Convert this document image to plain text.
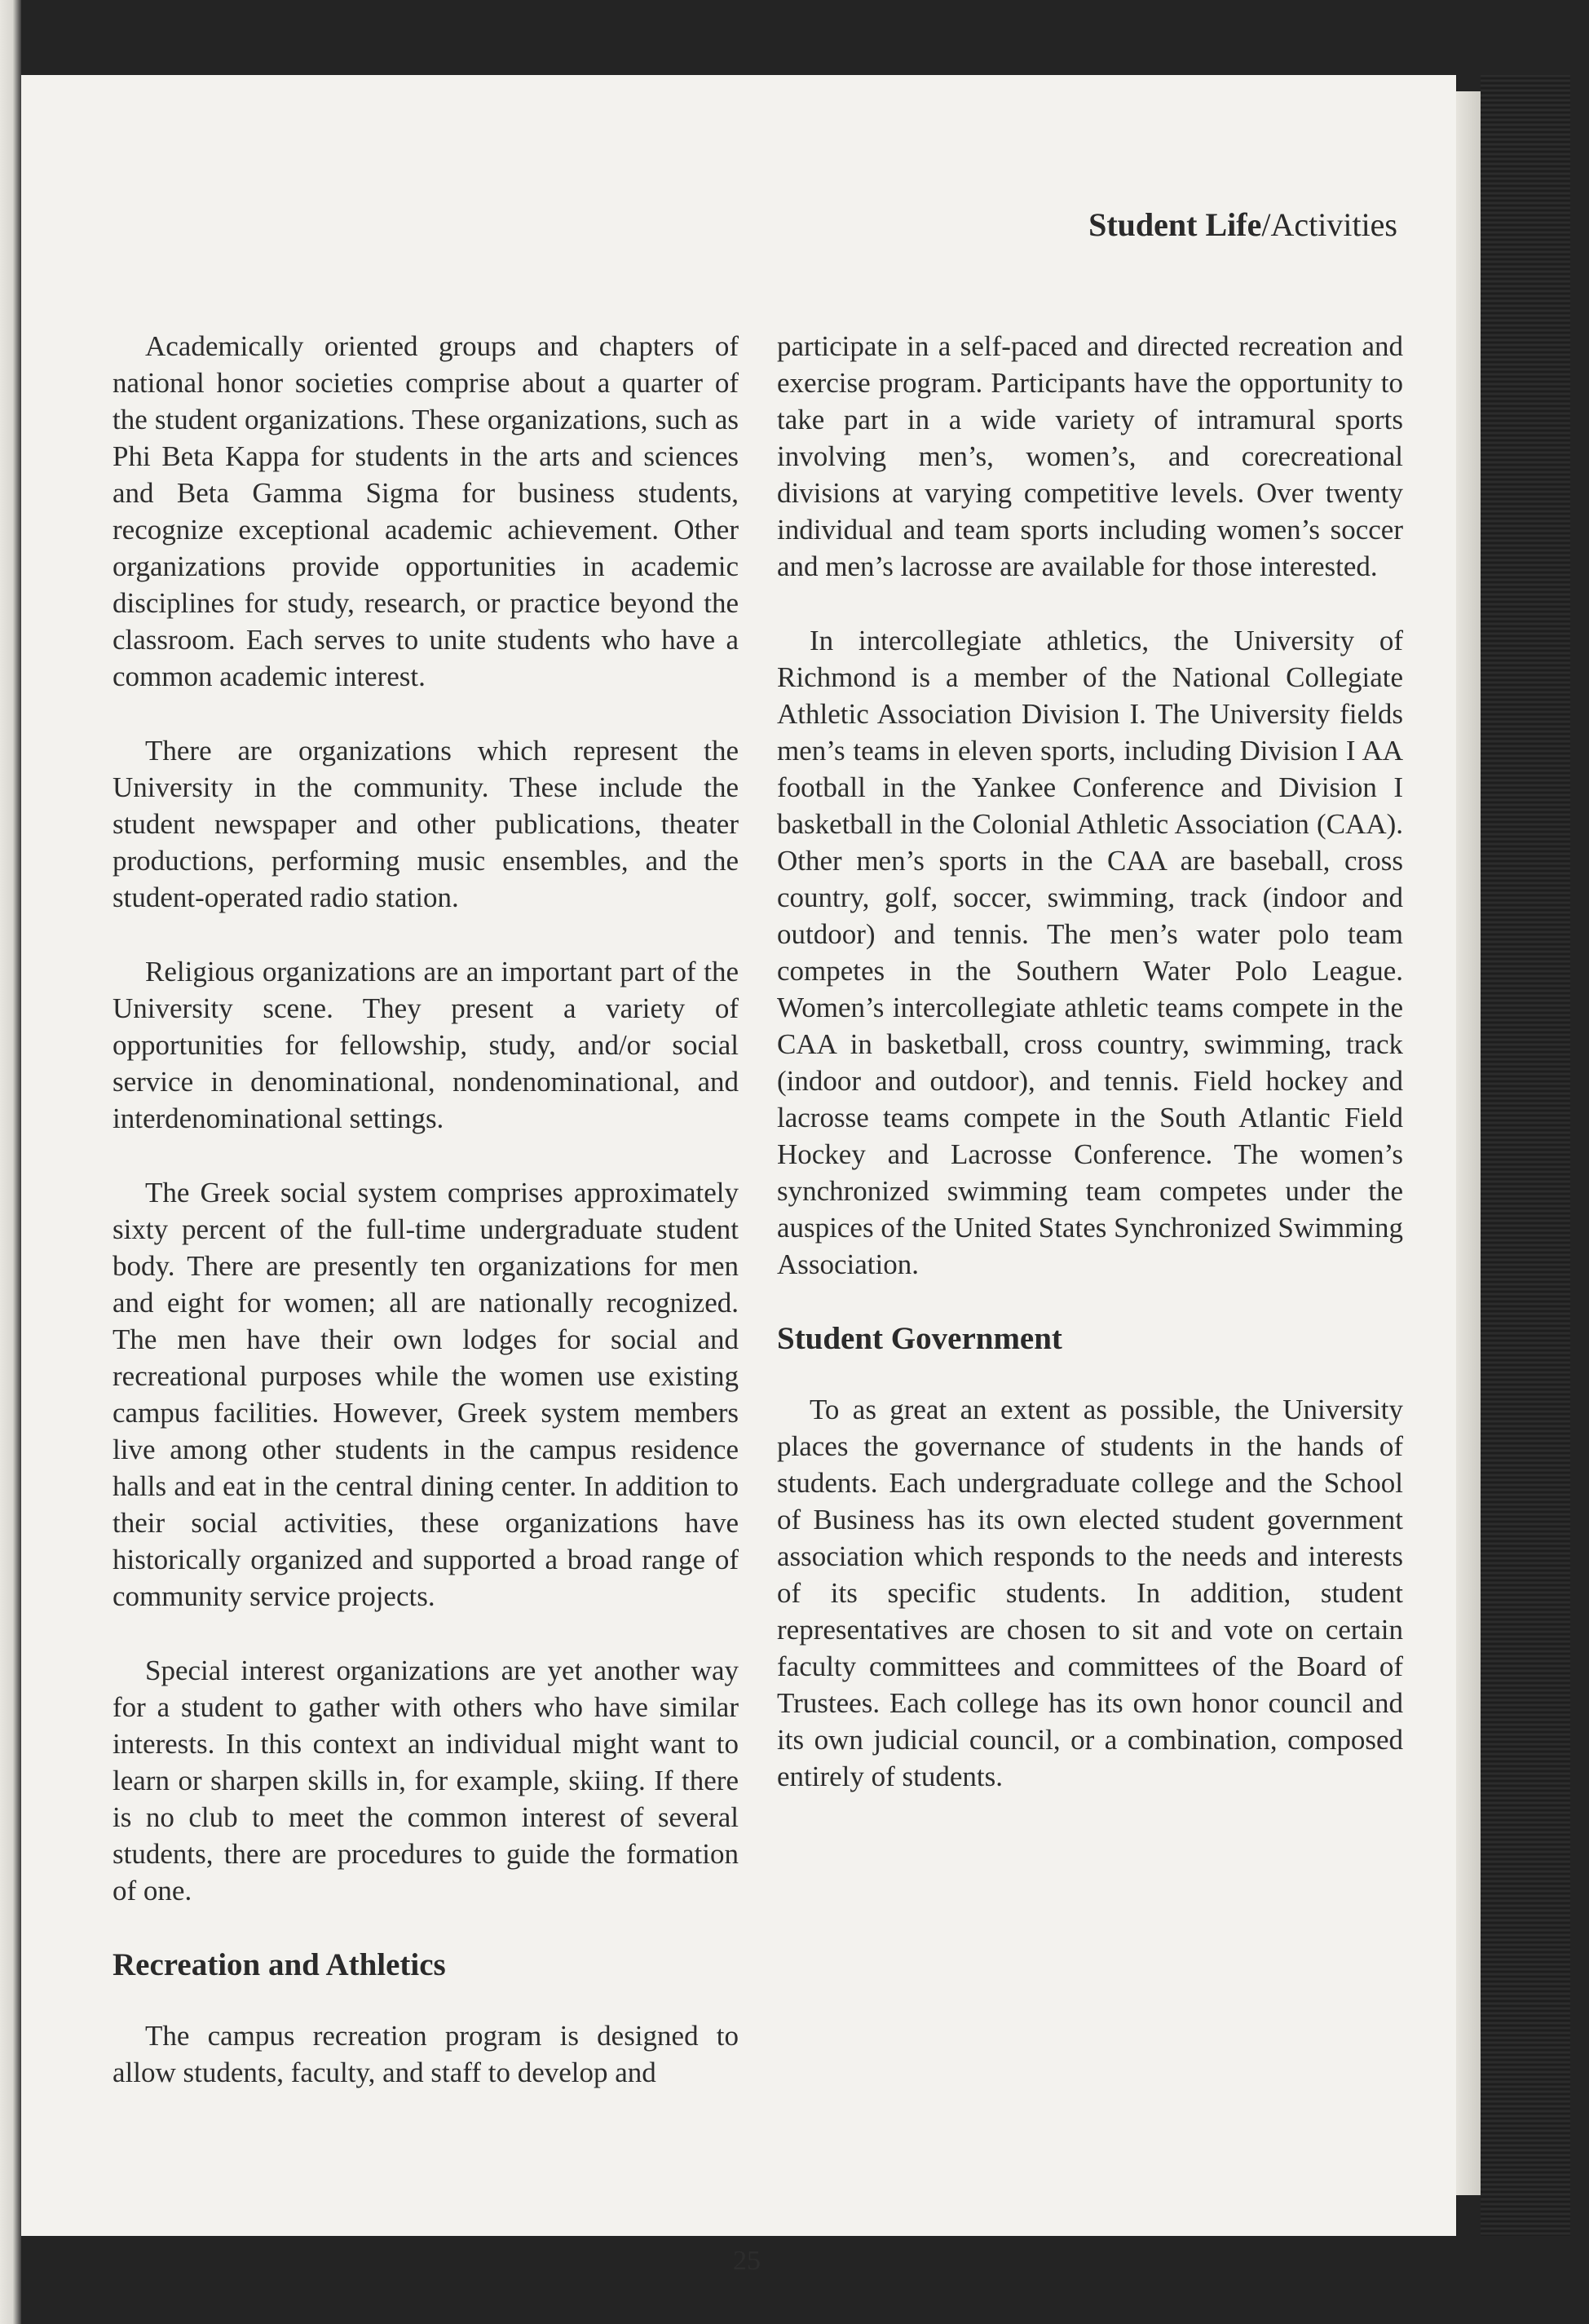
Student Life/Activities

Academically oriented groups and chapters of national honor societies comprise about a quarter of the student organizations. These organizations, such as Phi Beta Kappa for students in the arts and sciences and Beta Gamma Sigma for business students, recognize exceptional academic achievement. Other organizations provide opportunities in academic disciplines for study, research, or practice beyond the classroom. Each serves to unite students who have a common academic interest.

There are organizations which represent the University in the community. These include the student newspaper and other publications, theater productions, performing music ensembles, and the student-operated radio station.

Religious organizations are an important part of the University scene. They present a variety of opportunities for fellowship, study, and/or social service in denominational, nondenominational, and interdenominational settings.

The Greek social system comprises approximately sixty percent of the full-time undergraduate student body. There are presently ten organizations for men and eight for women; all are nationally recognized. The men have their own lodges for social and recreational purposes while the women use existing campus facilities. However, Greek system members live among other students in the campus residence halls and eat in the central dining center. In addition to their social activities, these organizations have historically organized and supported a broad range of community service projects.

Special interest organizations are yet another way for a student to gather with others who have similar interests. In this context an individual might want to learn or sharpen skills in, for example, skiing. If there is no club to meet the common interest of several students, there are procedures to guide the formation of one.

Recreation and Athletics

The campus recreation program is designed to allow students, faculty, and staff to develop and

participate in a self-paced and directed recreation and exercise program. Participants have the opportunity to take part in a wide variety of intramural sports involving men’s, women’s, and corecreational divisions at varying competitive levels. Over twenty individual and team sports including women’s soccer and men’s lacrosse are available for those interested.

In intercollegiate athletics, the University of Richmond is a member of the National Collegiate Athletic Association Division I. The University fields men’s teams in eleven sports, including Division I AA football in the Yankee Conference and Division I basketball in the Colonial Athletic Association (CAA). Other men’s sports in the CAA are baseball, cross country, golf, soccer, swimming, track (indoor and outdoor) and tennis. The men’s water polo team competes in the Southern Water Polo League. Women’s intercollegiate athletic teams compete in the CAA in basketball, cross country, swimming, track (indoor and outdoor), and tennis. Field hockey and lacrosse teams compete in the South Atlantic Field Hockey and Lacrosse Conference. The women’s synchronized swimming team competes under the auspices of the United States Synchronized Swimming Association.

Student Government

To as great an extent as possible, the University places the governance of students in the hands of students. Each undergraduate college and the School of Business has its own elected student government association which responds to the needs and interests of its specific students. In addition, student representatives are chosen to sit and vote on certain faculty committees and committees of the Board of Trustees. Each college has its own honor council and its own judicial council, or a combination, composed entirely of students.

25
